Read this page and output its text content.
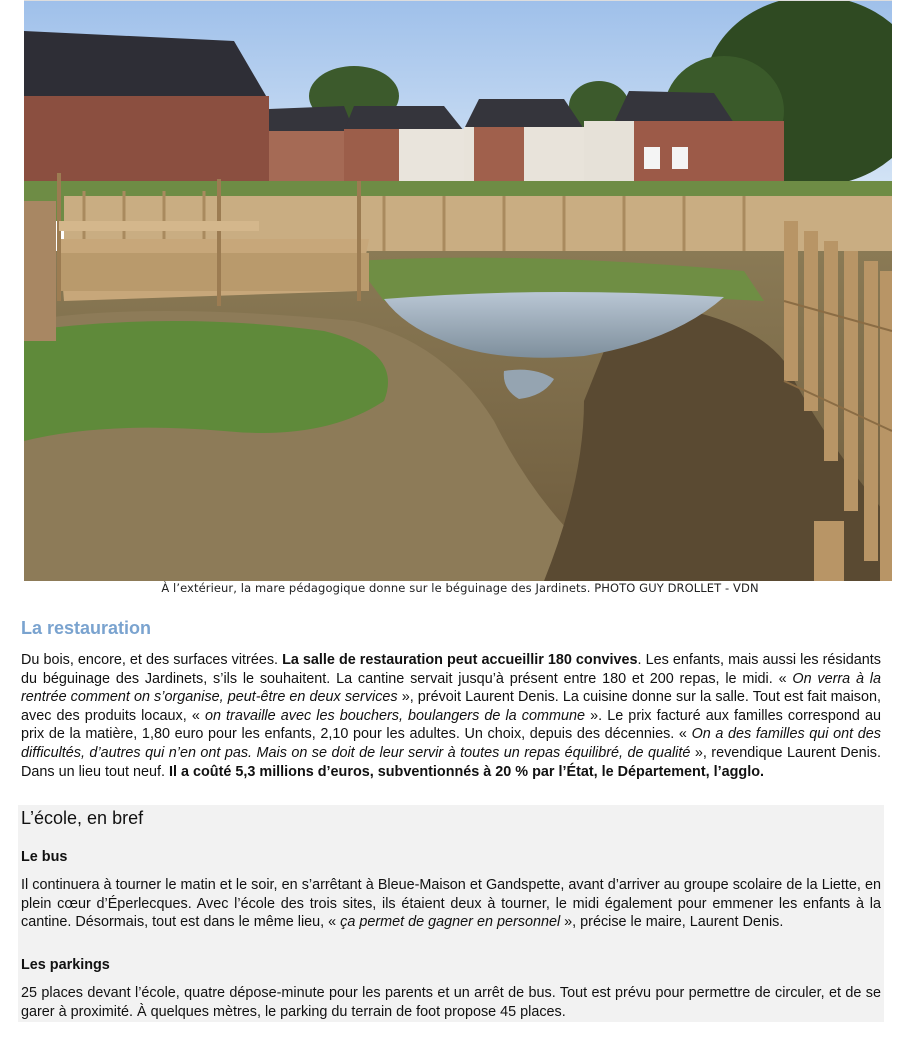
À l’extérieur, la mare pédagogique donne sur le béguinage des Jardinets. PHOTO GUY DROLLET - VDN
La restauration

Du bois, encore, et des surfaces vitrées. La salle de restauration peut accueillir 180 convives. Les enfants, mais aussi les résidants du béguinage des Jardinets, s’ils le souhaitent. La cantine servait jusqu’à présent entre 180 et 200 repas, le midi. « On verra à la rentrée comment on s’organise, peut-être en deux services », prévoit Laurent Denis. La cuisine donne sur la salle. Tout est fait maison, avec des produits locaux, « on travaille avec les bouchers, boulangers de la commune ». Le prix facturé aux familles correspond au prix de la matière, 1,80 euro pour les enfants, 2,10 pour les adultes. Un choix, depuis des décennies. « On a des familles qui ont des difficultés, d’autres qui n’en ont pas. Mais on se doit de leur servir à toutes un repas équilibré, de qualité », revendique Laurent Denis. Dans un lieu tout neuf. Il a coûté 5,3 millions d’euros, subventionnés à 20 % par l’État, le Département, l’agglo.

L’école, en bref
Le bus

Il continuera à tourner le matin et le soir, en s’arrêtant à Bleue-Maison et Gandspette, avant d’arriver au groupe scolaire de la Liette, en plein cœur d’Éperlecques. Avec l’école des trois sites, ils étaient deux à tourner, le midi également pour emmener les enfants à la cantine. Désormais, tout est dans le même lieu, « ça permet de gagner en personnel », précise le maire, Laurent Denis.

Les parkings

25 places devant l’école, quatre dépose-minute pour les parents et un arrêt de bus. Tout est prévu pour permettre de circuler, et de se garer à proximité. À quelques mètres, le parking du terrain de foot propose 45 places.
